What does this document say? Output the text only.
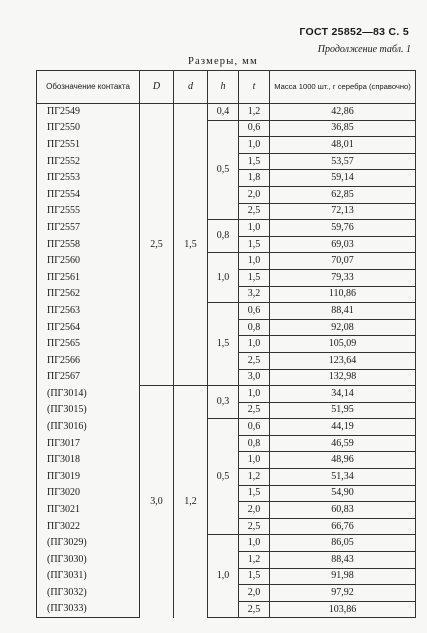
ГОСТ 25852—83 С. 5
Продолжение табл. 1
Размеры, мм
Обозначение контакта	D	d	h	t	Масса 1000 шт., г серебра (справочно)
ПГ2549	2,5	1,5	0,4	1,2	42,86
ПГ2550			0,5	0,6	36,85
ПГ2551				1,0	48,01
ПГ2552				1,5	53,57
ПГ2553				1,8	59,14
ПГ2554				2,0	62,85
ПГ2555				2,5	72,13
ПГ2557			0,8	1,0	59,76
ПГ2558				1,5	69,03
ПГ2560			1,0	1,0	70,07
ПГ2561				1,5	79,33
ПГ2562				3,2	110,86
ПГ2563			1,5	0,6	88,41
ПГ2564				0,8	92,08
ПГ2565				1,0	105,09
ПГ2566				2,5	123,64
ПГ2567				3,0	132,98
(ПГ3014)	3,0	1,2	0,3	1,0	34,14
(ПГ3015)				2,5	51,95
(ПГ3016)			0,5	0,6	44,19
ПГ3017				0,8	46,59
ПГ3018				1,0	48,96
ПГ3019				1,2	51,34
ПГ3020				1,5	54,90
ПГ3021				2,0	60,83
ПГ3022				2,5	66,76
(ПГ3029)			1,0	1,0	86,05
(ПГ3030)				1,2	88,43
(ПГ3031)				1,5	91,98
(ПГ3032)				2,0	97,92
(ПГ3033)				2,5	103,86
